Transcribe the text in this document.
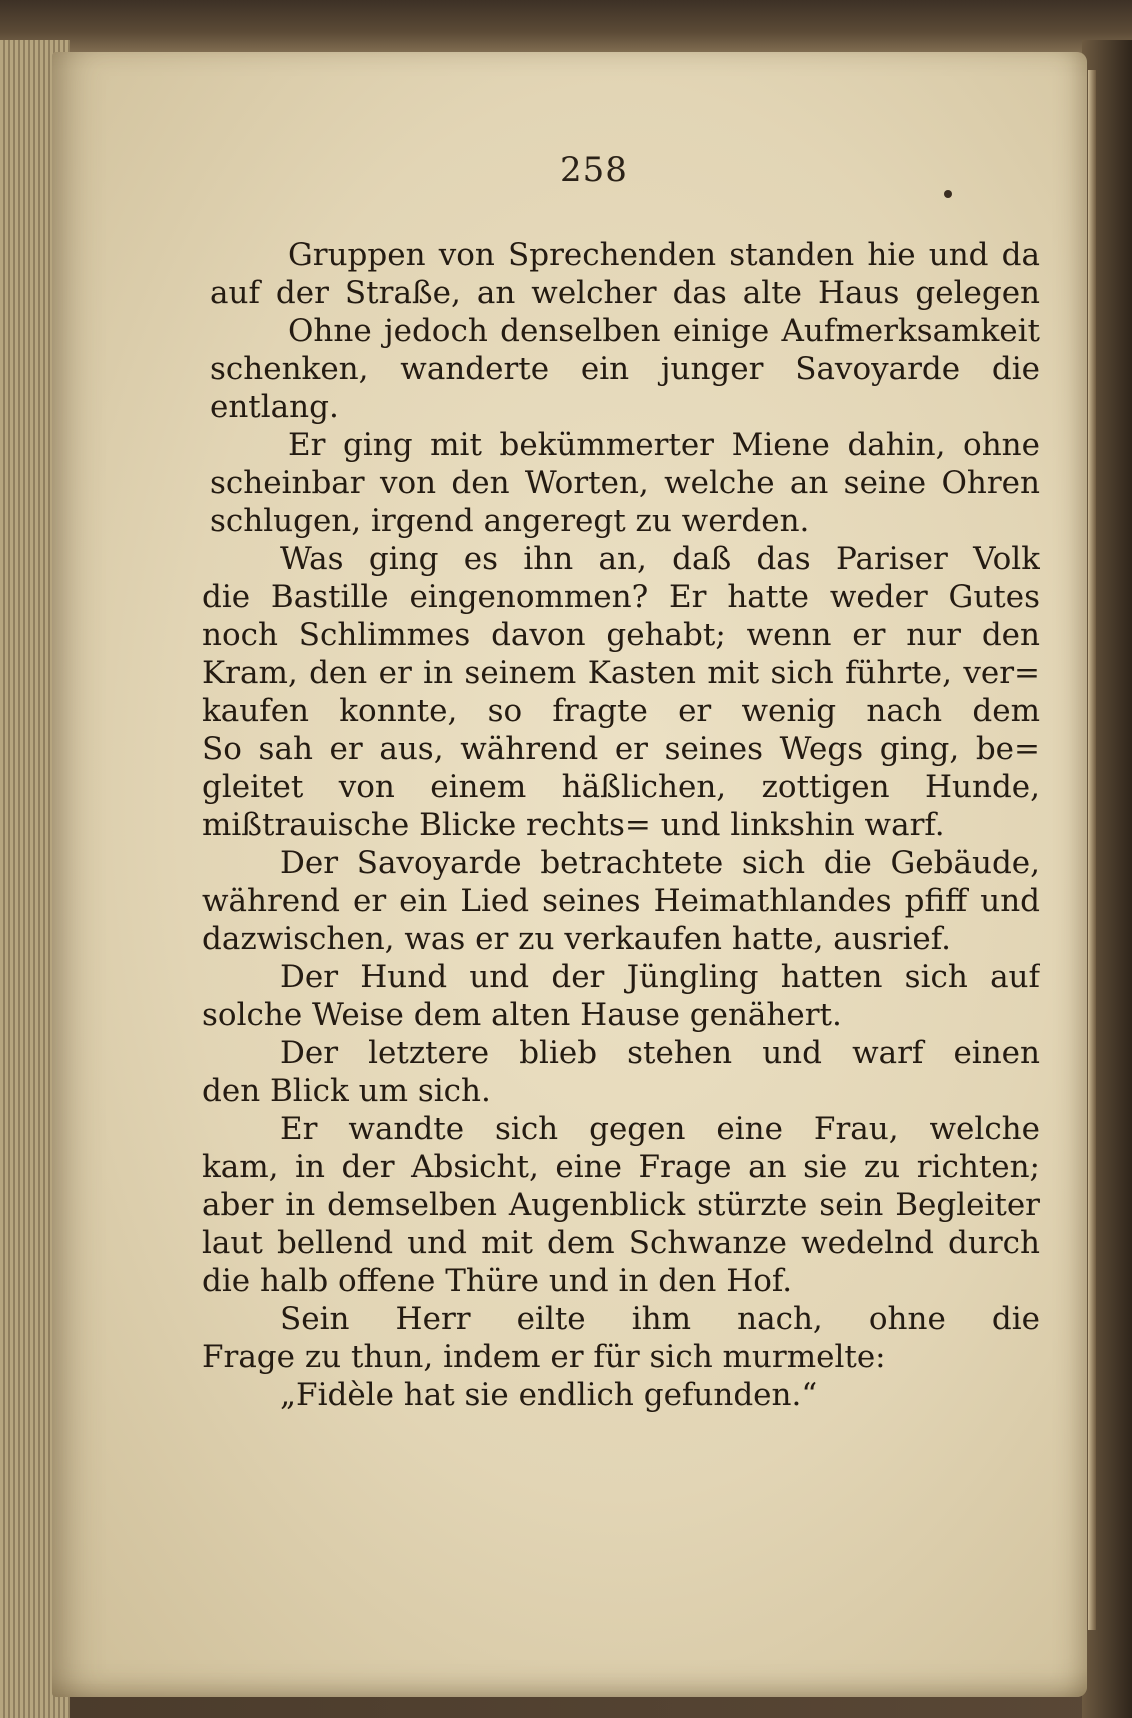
258
Gruppen von Sprechenden standen hie und da
auf der Straße, an welcher das alte Haus gelegen
Ohne jedoch denselben einige Aufmerksamkeit
schenken, wanderte ein junger Savoyarde die
entlang.
Er ging mit bekümmerter Miene dahin, ohne
scheinbar von den Worten, welche an seine Ohren
schlugen, irgend angeregt zu werden.
Was ging es ihn an, daß das Pariser Volk
die Bastille eingenommen? Er hatte weder Gutes
noch Schlimmes davon gehabt; wenn er nur den
Kram, den er in seinem Kasten mit sich führte, ver=
kaufen konnte, so fragte er wenig nach dem
So sah er aus, während er seines Wegs ging, be=
gleitet von einem häßlichen, zottigen Hunde,
mißtrauische Blicke rechts= und linkshin warf.
Der Savoyarde betrachtete sich die Gebäude,
während er ein Lied seines Heimathlandes pfiff und
dazwischen, was er zu verkaufen hatte, ausrief.
Der Hund und der Jüngling hatten sich auf
solche Weise dem alten Hause genähert.
Der letztere blieb stehen und warf einen
den Blick um sich.
Er wandte sich gegen eine Frau, welche
kam, in der Absicht, eine Frage an sie zu richten;
aber in demselben Augenblick stürzte sein Begleiter
laut bellend und mit dem Schwanze wedelnd durch
die halb offene Thüre und in den Hof.
Sein Herr eilte ihm nach, ohne die
Frage zu thun, indem er für sich murmelte:
„Fidèle hat sie endlich gefunden.“
